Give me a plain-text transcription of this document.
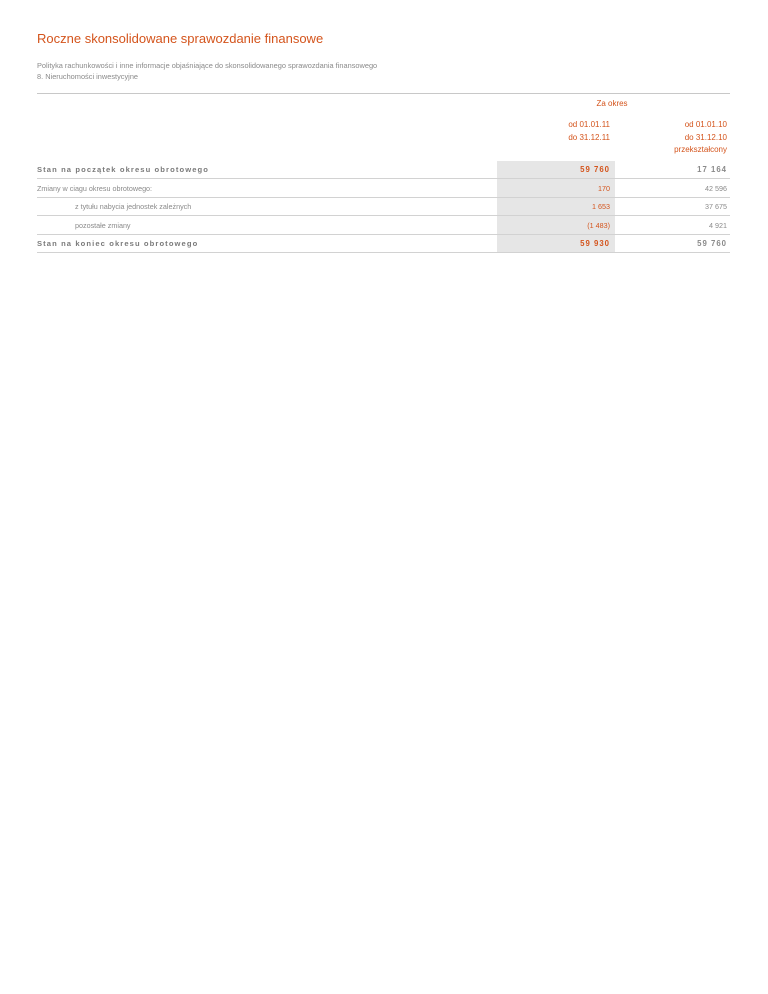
Roczne skonsolidowane sprawozdanie finansowe
Polityka rachunkowości i inne informacje objaśniające do skonsolidowanego sprawozdania finansowego
8. Nieruchomości inwestycyjne
Za okres
od 01.01.11
do 31.12.11
od 01.01.10
do 31.12.10
przekształcony
Stan na początek okresu obrotowego	59 760	17 164
Zmiany w ciagu okresu obrotowego:	170	42 596
z tytułu nabycia jednostek zależnych	1 653	37 675
pozostałe zmiany	(1 483)	4 921
Stan na koniec okresu obrotowego	59 930	59 760
